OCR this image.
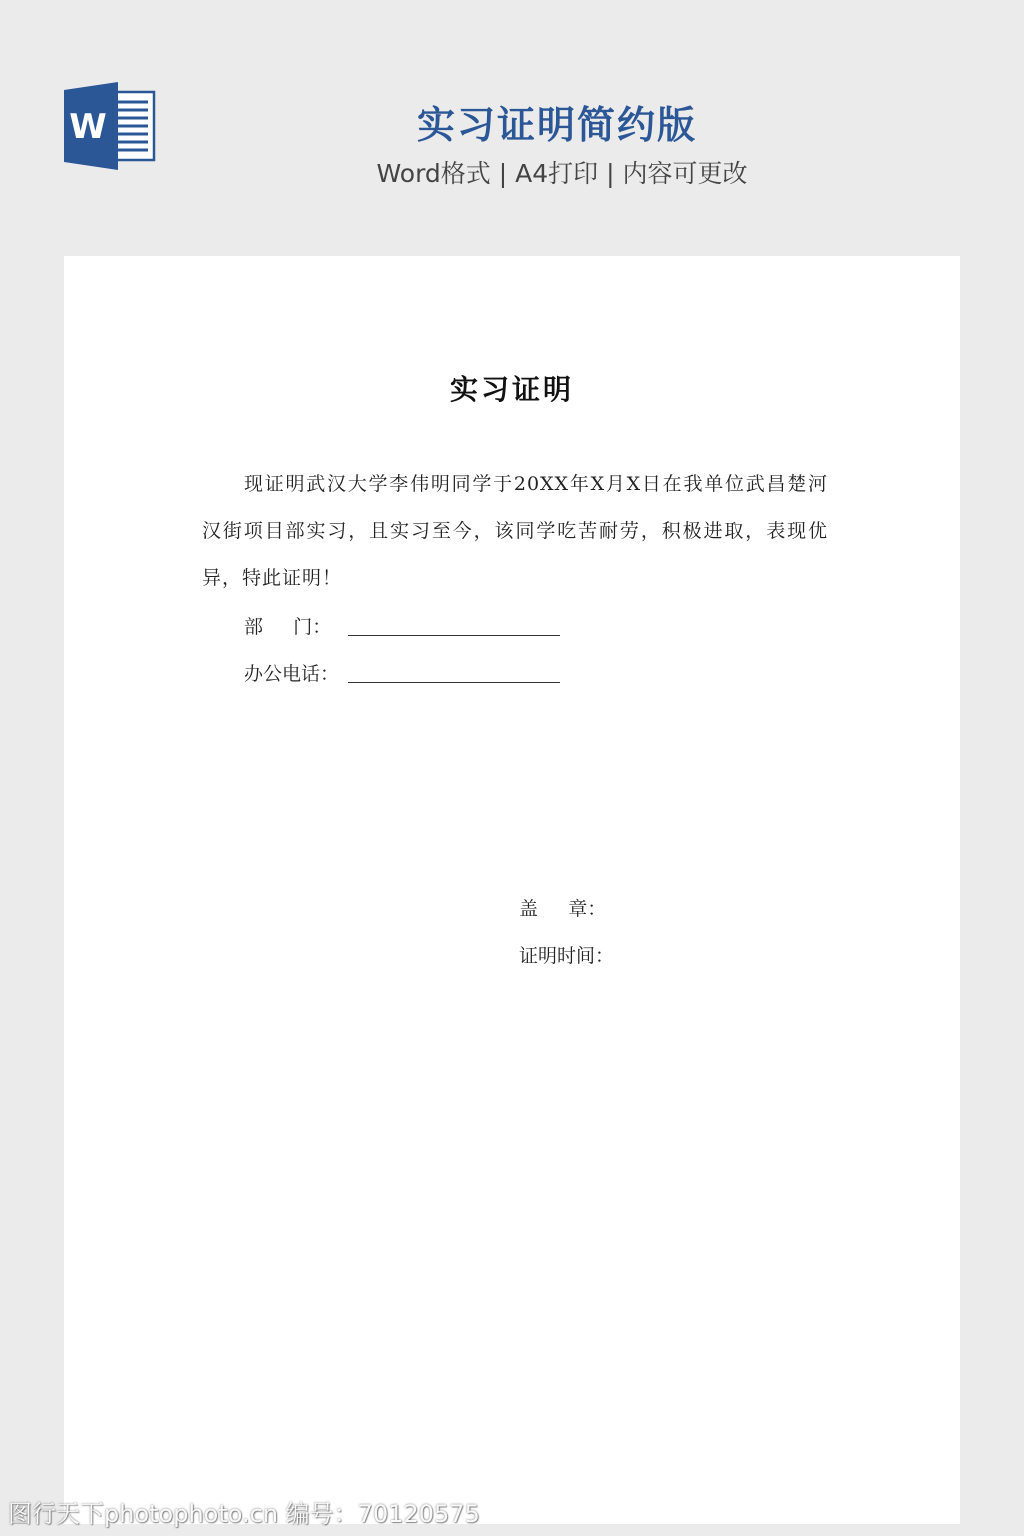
W	实习证明简约版
Word格式 | A4打印 | 内容可更改
实习证明
现证明武汉大学李伟明同学于20XX年X月X日在我单位武昌楚河汉街项目部实习，且实习至今，该同学吃苦耐劳，积极进取，表现优异，特此证明！
部     门：
办公电话：
盖     章：
证明时间：
图行天下photophoto.cn 编号：70120575
